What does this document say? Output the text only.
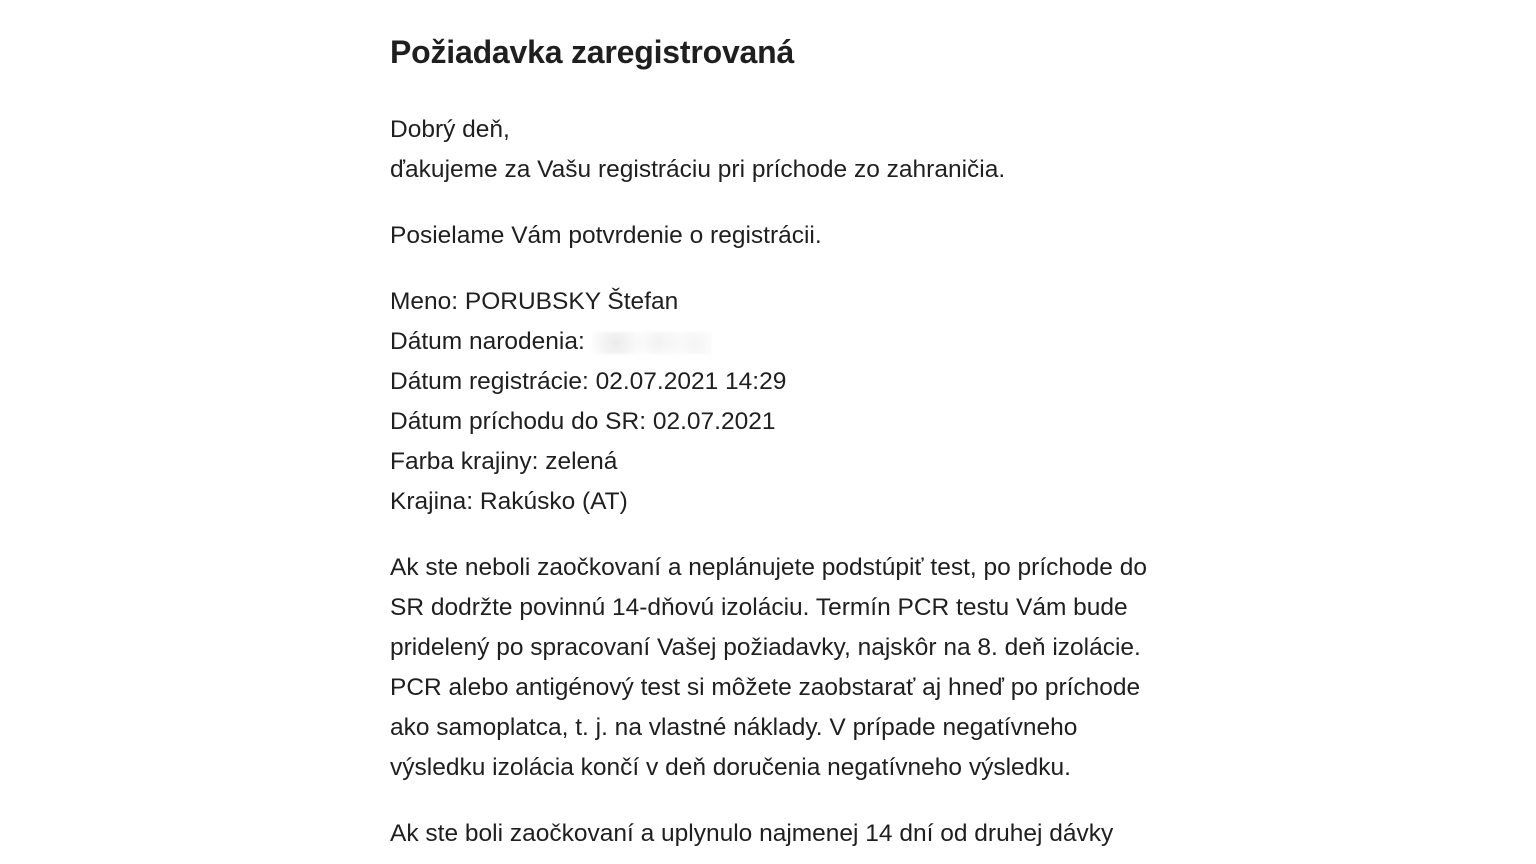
Požiadavka zaregistrovaná
Dobrý deň,
ďakujeme za Vašu registráciu pri príchode zo zahraničia.
Posielame Vám potvrdenie o registrácii.
Meno: PORUBSKY Štefan
Dátum narodenia:
Dátum registrácie: 02.07.2021 14:29
Dátum príchodu do SR: 02.07.2021
Farba krajiny: zelená
Krajina: Rakúsko (AT)
Ak ste neboli zaočkovaní a neplánujete podstúpiť test, po príchode do
SR dodržte povinnú 14-dňovú izoláciu. Termín PCR testu Vám bude
pridelený po spracovaní Vašej požiadavky, najskôr na 8. deň izolácie.
PCR alebo antigénový test si môžete zaobstarať aj hneď po príchode
ako samoplatca, t. j. na vlastné náklady. V prípade negatívneho
výsledku izolácia končí v deň doručenia negatívneho výsledku.
Ak ste boli zaočkovaní a uplynulo najmenej 14 dní od druhej dávky
